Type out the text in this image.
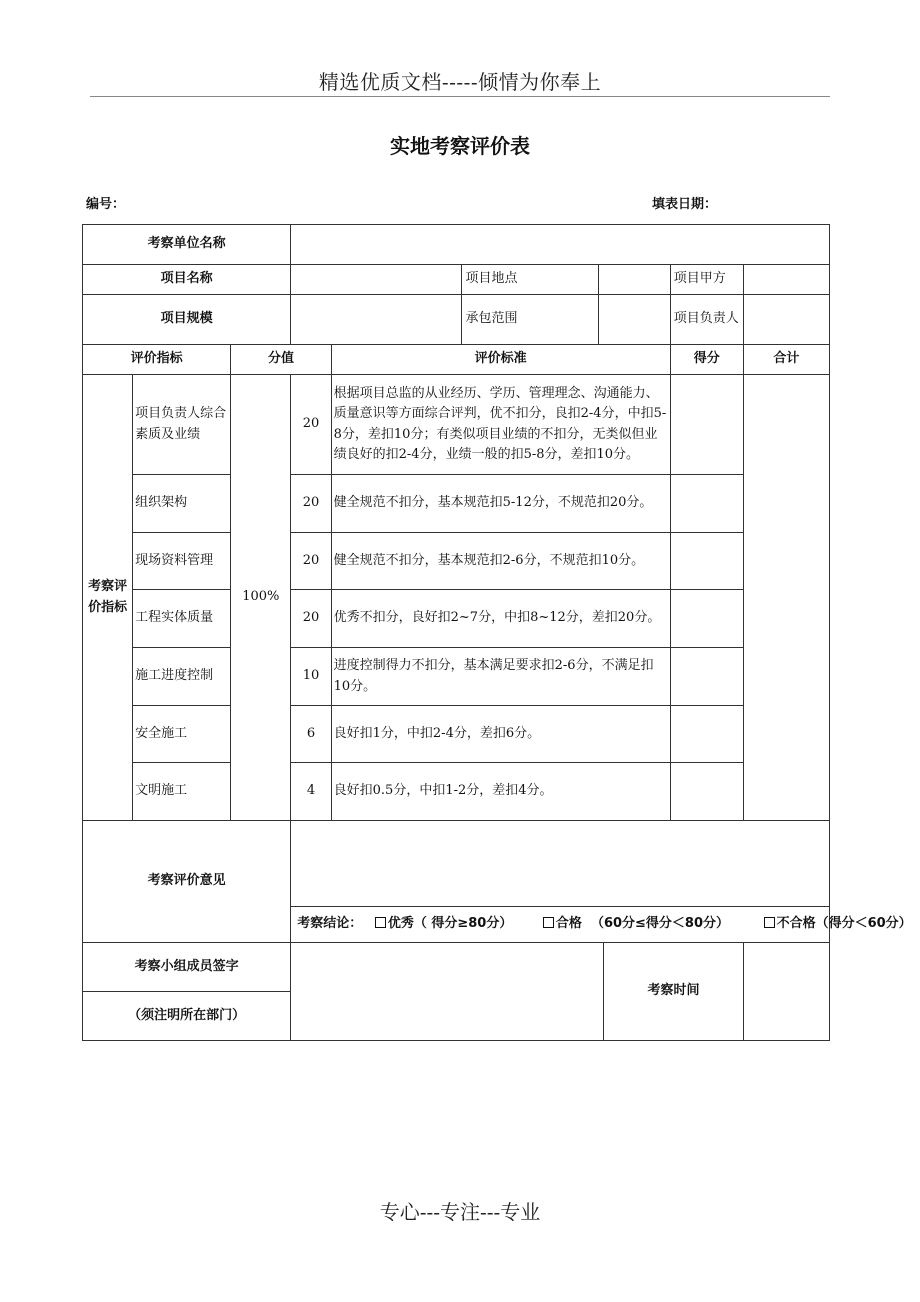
精选优质文档-----倾情为你奉上
实地考察评价表
编号：	填表日期：
考察单位名称									
项目名称					项目地点			项目甲方	
项目规模					承包范围			项目负责人	
评价指标		分值		评价标准				得分	合计
考察评价指标	项目负责人综合素质及业绩	100%	20	根据项目总监的从业经历、学历、管理理念、沟通能力、质量意识等方面综合评判，优不扣分，良扣2-4分，中扣5-8分，差扣10分；有类似项目业绩的不扣分，无类似但业绩良好的扣2-4分，业绩一般的扣5-8分，差扣10分。					
	组织架构		20	健全规范不扣分，基本规范扣5-12分，不规范扣20分。					
	现场资料管理		20	健全规范不扣分，基本规范扣2-6分，不规范扣10分。					
	工程实体质量		20	优秀不扣分，良好扣2~7分，中扣8~12分，差扣20分。					
	施工进度控制		10	进度控制得力不扣分，基本满足要求扣2-6分，不满足扣10分。					
	安全施工		6	良好扣1分，中扣2-4分，差扣6分。					
	文明施工		4	良好扣0.5分，中扣1-2分，差扣4分。					
考察评价意见									
			考察结论： 优秀（ 得分≥80分） 合格  （60分≤得分＜80分） 不合格（得分＜60分）						
考察小组成员签字							考察时间		
（须注明所在部门）									
专心---专注---专业
